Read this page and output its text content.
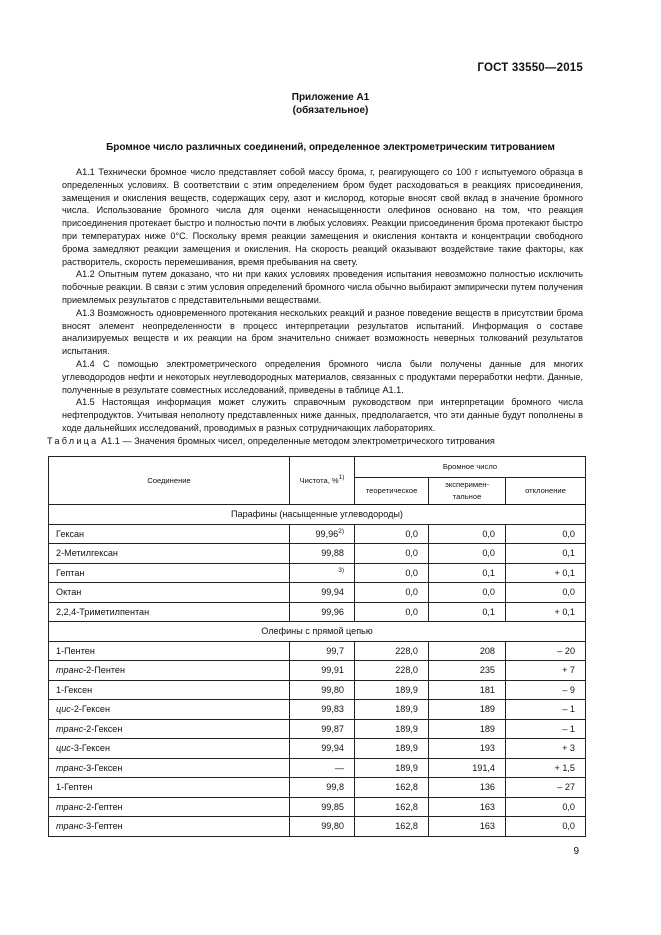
ГОСТ 33550—2015
Приложение А1
(обязательное)
Бромное число различных соединений, определенное электрометрическим титрованием

А1.1 Технически бромное число представляет собой массу брома, г, реагирующего со 100 г испытуемого образца в определенных условиях. В соответствии с этим определением бром будет расходоваться в реакциях присоединения, замещения и окисления веществ, содержащих серу, азот и кислород, которые вносят свой вклад в значение бромного числа. Использование бромного числа для оценки ненасыщенности олефинов основано на том, что реакция присоединения протекает быстро и полностью почти в любых условиях. Реакции присоединения брома протекают быстро при температурах ниже 0°С. Поскольку время реакции замещения и окисления контакта и концентрации свободного брома замедляют реакции замещения и окисления. На скорость реакций оказывают воздействие такие факторы, как растворитель, скорость перемешивания, время пребывания на свету.

А1.2 Опытным путем доказано, что ни при каких условиях проведения испытания невозможно полностью исключить побочные реакции. В связи с этим условия определений бромного числа обычно выбирают эмпирически путем получения приемлемых результатов с представительными веществами.

А1.3 Возможность одновременного протекания нескольких реакций и разное поведение веществ в присутствии брома вносят элемент неопределенности в процесс интерпретации результатов испытаний. Информация о составе анализируемых веществ и их реакции на бром значительно снижает возможность неверных толкований результатов испытания.

А1.4 С помощью электрометрического определения бромного числа были получены данные для многих углеводородов нефти и некоторых неуглеводородных материалов, связанных с продуктами переработки нефти. Данные, полученные в результате совместных исследований, приведены в таблице А1.1.

А1.5 Настоящая информация может служить справочным руководством при интерпретации бромного числа нефтепродуктов. Учитывая неполноту представленных ниже данных, предполагается, что эти данные будут пополнены в ходе дальнейших исследований, проводимых в разных сотрудничающих лабораториях.

Таблица А1.1 — Значения бромных чисел, определенные методом электрометрического титрования
Соединение	Чистота, %$^{1)}$	Бромное число		
		теоретическое	эксперимен-тальное	отклонение
Парафины (насыщенные углеводороды)				
Гексан	99,96$^{2)}$	0,0	0,0	0,0
2-Метилгексан	99,88	0,0	0,0	0,1
Гептан	$^{3)}$	0,0	0,1	+ 0,1
Октан	99,94	0,0	0,0	0,0
2,2,4-Триметилпентан	99,96	0,0	0,1	+ 0,1
Олефины с прямой цепью				
1-Пентен	99,7	228,0	208	– 20
транс-2-Пентен	99,91	228,0	235	+ 7
1-Гексен	99,80	189,9	181	– 9
цис-2-Гексен	99,83	189,9	189	– 1
транс-2-Гексен	99,87	189,9	189	– 1
цис-3-Гексен	99,94	189,9	193	+ 3
транс-3-Гексен	—	189,9	191,4	+ 1,5
1-Гептен	99,8	162,8	136	– 27
транс-2-Гептен	99,85	162,8	163	0,0
транс-3-Гептен	99,80	162,8	163	0,0
9
